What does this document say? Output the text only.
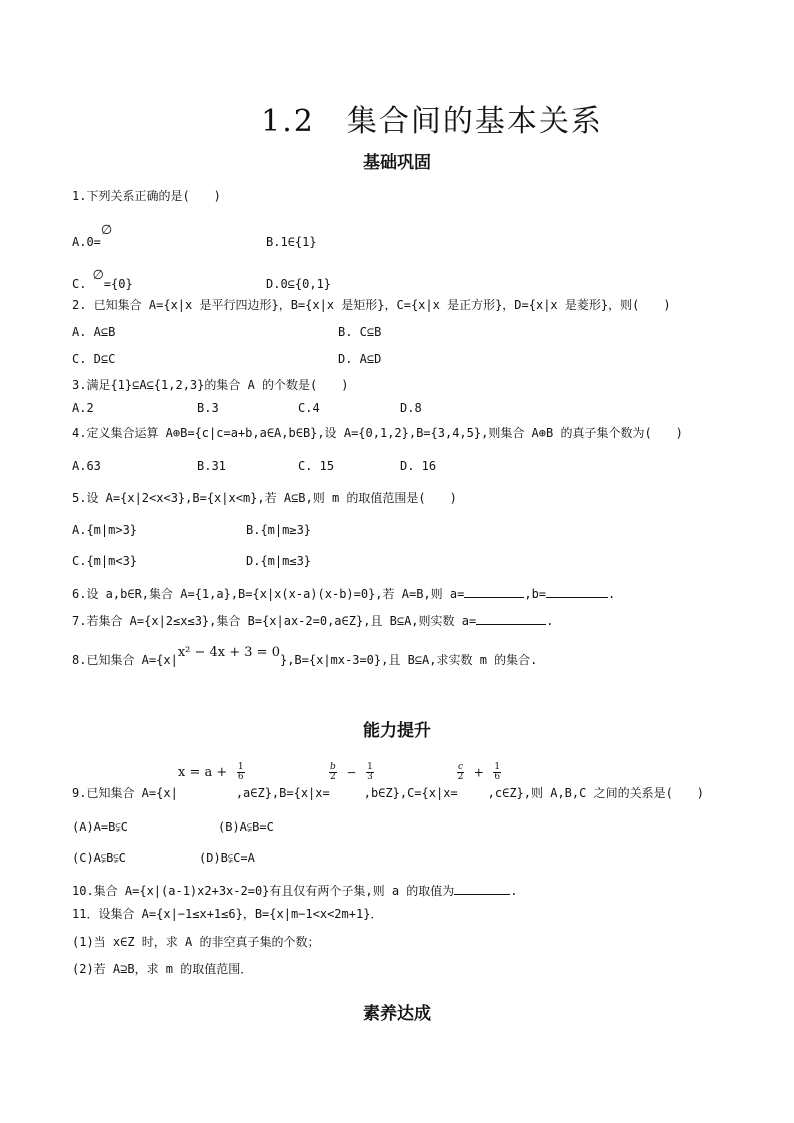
1.2　集合间的基本关系
基础巩固
1.下列关系正确的是(　　)
A.0=∅
B.1∈{1}
C.∅={0}	D.0⊆{0,1}
2. 已知集合 A={x|x 是平行四边形}，B={x|x 是矩形}，C={x|x 是正方形}，D={x|x 是菱形}，则(　　)
A. A⊆B	B. C⊆B
C. D⊆C	D. A⊆D
3.满足{1}⊆A⊆{1,2,3}的集合 A 的个数是(　　)
A.2	B.3	C.4	D.8
4.定义集合运算 A⊕B={c|c=a+b,a∈A,b∈B},设 A={0,1,2},B={3,4,5},则集合 A⊕B 的真子集个数为(　　)
A.63	B.31	C. 15	D. 16
5.设 A={x|2<x<3},B={x|x<m},若 A⊆B,则 m 的取值范围是(　　)
A.{m|m>3}	B.{m|m≥3}
C.{m|m<3}	D.{m|m≤3}
6.设 a,b∈R,集合 A={1,a},B={x|x(x-a)(x-b)=0},若 A=B,则 a=	,b=	.
7.若集合 A={x|2≤x≤3},集合 B={x|ax-2=0,a∈Z},且 B⊆A,则实数 a=	.
8.已知集合 A={x|x² − 4x + 3 = 0},B={x|mx-3=0},且 B⊆A,求实数 m 的集合.
能力提升
$x = a + \frac{1}{6}$	$\frac{b}{2} - \frac{1}{3}$	$\frac{c}{2} + \frac{1}{6}$
9.已知集合 A={x|	,a∈Z},B={x|x=	,b∈Z},C={x|x=	,c∈Z},则 A,B,C 之间的关系是(　　)
(A)A=B⫋C	(B)A⫋B=C
(C)A⫋B⫋C	(D)B⫋C=A
10.集合 A={x|(a-1)x2+3x-2=0}有且仅有两个子集,则 a 的取值为	.
11．设集合 A={x|−1≤x+1≤6}，B={x|m−1<x<2m+1}．
(1)当 x∈Z 时，求 A 的非空真子集的个数；
(2)若 A⊇B，求 m 的取值范围．
素养达成
